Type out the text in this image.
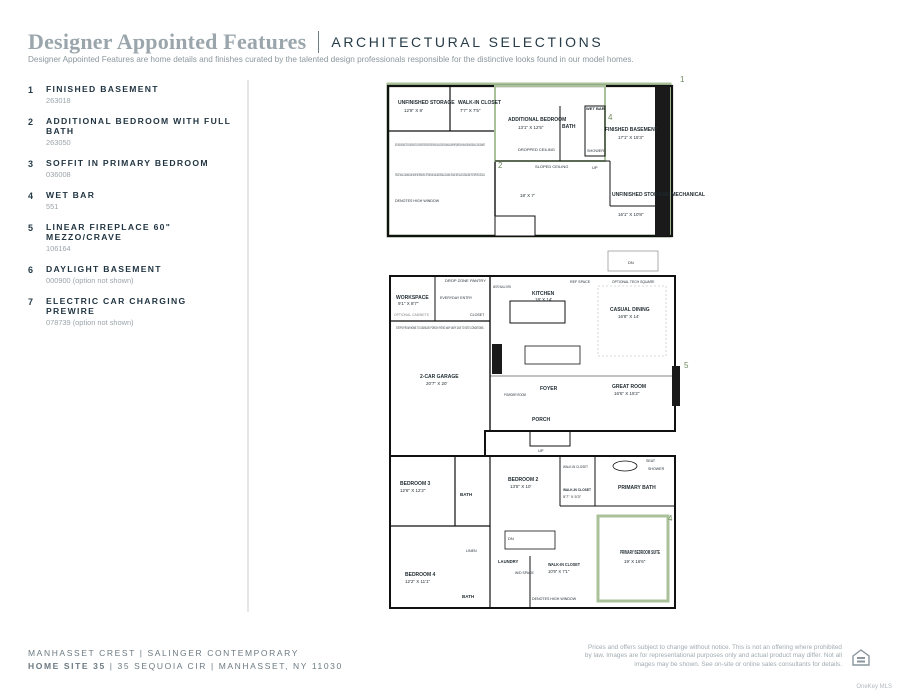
Designer Appointed Features ARCHITECTURAL SELECTIONS
Designer Appointed Features are home details and finishes curated by the talented design professionals responsible for the distinctive looks found in our model homes.
1 FINISHED BASEMENT
263018
2 ADDITIONAL BEDROOM WITH FULL BATH
263050
3 SOFFIT IN PRIMARY BEDROOM
036008
4 WET BAR
551
5 LINEAR FIREPLACE 60" MEZZO/CRAVE
106164
6 DAYLIGHT BASEMENT
000900 (option not shown)
7 ELECTRIC CAR CHARGING PREWIRE
078739 (option not shown)
UNFINISHED STORAGE
12'8" X 8'
WALK-IN CLOSET
7'7" X 7'5"
ADDITIONAL BEDROOM
13'1" X 12'5"	BATH
WET BAR
SHOWER
FINISHED BASEMENT
17'1" X 15'3"
DROPPED CEILING
SLOPED CEILING	UP
18' X 7'	UNFINISHED STORAGE/ MECHANICAL
16'1" X 10'8"
NOTE: DESIGNS ARE SUBJECT TO FIELD VARIATIONS DUE TO EXACT HOME EXTERIOR DESIGN OPTIONS PURCHASED, AND LOCATIONS OF MECHANICAL AND SUMP PUMP EQUIPMENT, WHICH MAY ALSO VARY AMONG INDIVIDUAL LOTS AND COMMUNITIES.
STRUCTURAL COLUMNS CAN NEVER BE REMOVED. OPTIONS MAY ADD ADDITIONAL COLUMNS. PLEASE SEE SALES CONSULTANT FOR SPECIFIC DETAILS.
DENOTES HIGH WINDOW
1
2
4
DN
DROP ZONE PANTRY
MICRO WALL OVEN
KITCHEN
18' X 14'
REF SPACE	OPTIONAL TECH SQUARE
WORKSPACE
9'1" X 8'7"
EVERYDAY ENTRY
OPTIONAL CABINETS	CLOSET
CASUAL DINING
16'8" X 14'
STEPS FROM HOME TO GARAGE/ PORCH/ PATIO MAY VARY DUE TO SITE CONDITIONS.
2-CAR GARAGE
20'7" X 20'
GREAT ROOM
16'6" X 15'2"
FOYER
POWDER ROOM
PORCH
UP
5
BEDROOM 3
12'6" X 12'2"
BEDROOM 2
13'5" X 10'
WALK-IN CLOSET
WALK-IN CLOSET
5'7" X 5'3"
SEAT
SHOWER
PRIMARY BATH
BATH
PRIMARY BEDROOM SUITE
19' X 16'6"
WALK-IN CLOSET
10'9" X 7'1"
LINEN
LAUNDRY
W/D SPACE
BEDROOM 4
12'2" X 11'1"
BATH	DENOTES HIGH WINDOW
DN
4
MANHASSET CREST | SALINGER CONTEMPORARY
HOME SITE 35 | 35 SEQUOIA CIR | MANHASSET, NY 11030
Prices and offers subject to change without notice. This is not an offering where prohibited by law. Images are for representational purposes only and actual product may differ. Not all images may be shown. See on-site or online sales consultants for details.
OneKey MLS
